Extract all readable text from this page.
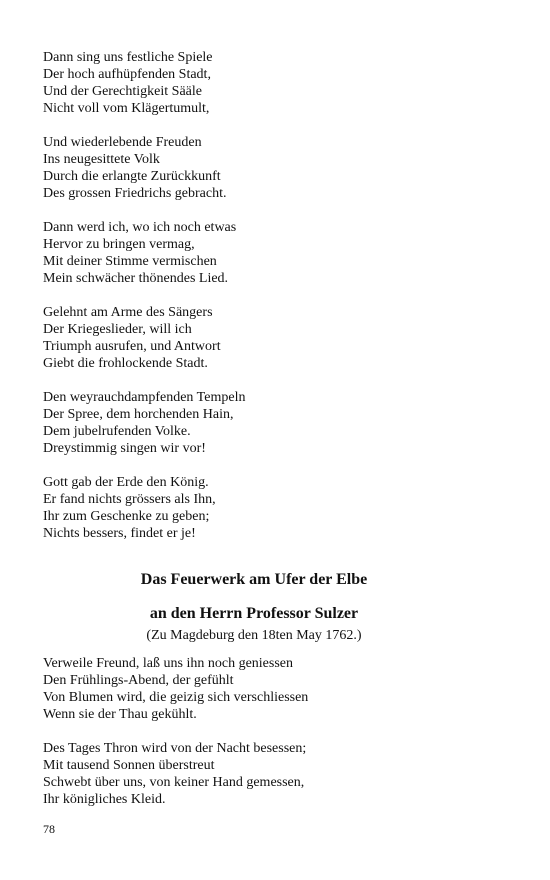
Dann sing uns festliche Spiele
Der hoch aufhüpfenden Stadt,
Und der Gerechtigkeit Sääle
Nicht voll vom Klägertumult,
Und wiederlebende Freuden
Ins neugesittete Volk
Durch die erlangte Zurückkunft
Des grossen Friedrichs gebracht.
Dann werd ich, wo ich noch etwas
Hervor zu bringen vermag,
Mit deiner Stimme vermischen
Mein schwächer thönendes Lied.
Gelehnt am Arme des Sängers
Der Kriegeslieder, will ich
Triumph ausrufen, und Antwort
Giebt die frohlockende Stadt.
Den weyrauchdampfenden Tempeln
Der Spree, dem horchenden Hain,
Dem jubelrufenden Volke.
Dreystimmig singen wir vor!
Gott gab der Erde den König.
Er fand nichts grössers als Ihn,
Ihr zum Geschenke zu geben;
Nichts bessers, findet er je!
Das Feuerwerk am Ufer der Elbe
an den Herrn Professor Sulzer
(Zu Magdeburg den 18ten May 1762.)
Verweile Freund, laß uns ihn noch geniessen
Den Frühlings-Abend, der gefühlt
Von Blumen wird, die geizig sich verschliessen
Wenn sie der Thau gekühlt.
Des Tages Thron wird von der Nacht besessen;
Mit tausend Sonnen überstreut
Schwebt über uns, von keiner Hand gemessen,
Ihr königliches Kleid.
78
